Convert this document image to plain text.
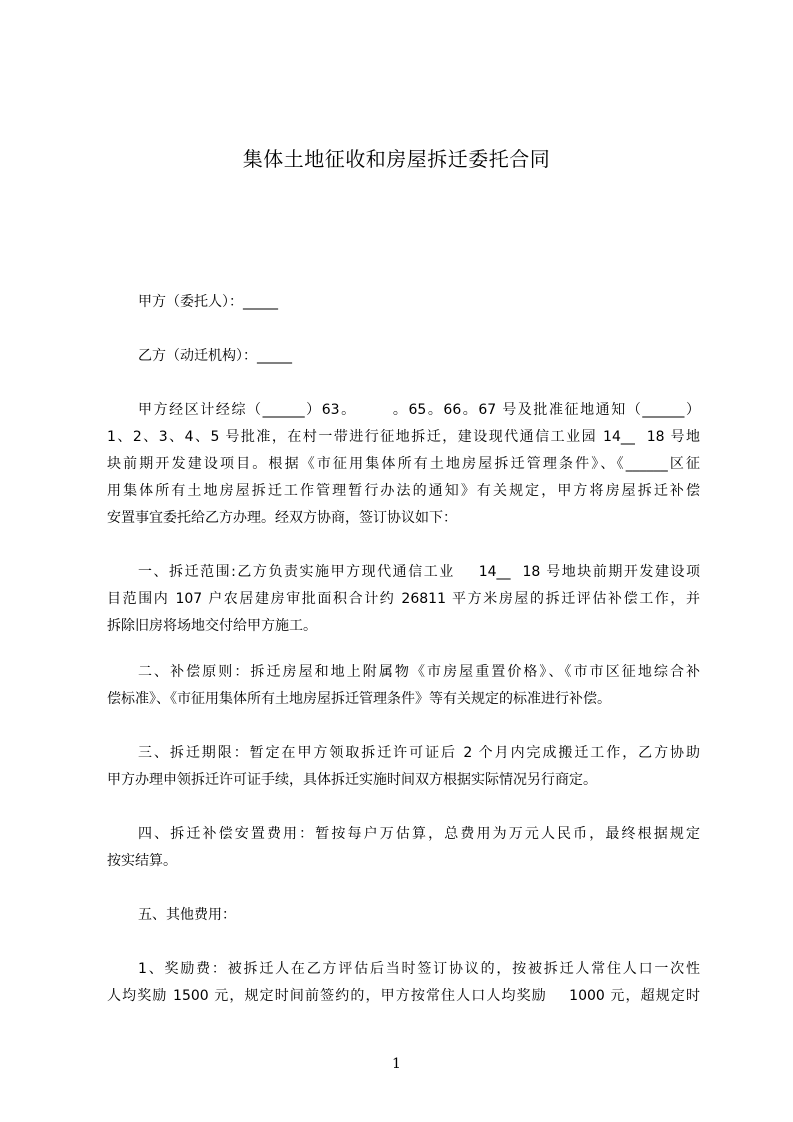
集体土地征收和房屋拆迁委托合同
甲方（委托人）：_____
乙方（动迁机构）：_____
甲方经区计经综（______）63。      。65。66。67 号及批准征地通知（______）
1、2、3、4、5 号批准，在村一带进行征地拆迁，建设现代通信工业园 14__  18 号地
块前期开发建设项目。根据《市征用集体所有土地房屋拆迁管理条件》、《______区征
用集体所有土地房屋拆迁工作管理暂行办法的通知》有关规定，甲方将房屋拆迁补偿
安置事宜委托给乙方办理。经双方协商，签订协议如下：
一、拆迁范围:乙方负责实施甲方现代通信工业    14__  18 号地块前期开发建设项
目范围内 107 户农居建房审批面积合计约 26811 平方米房屋的拆迁评估补偿工作，并
拆除旧房将场地交付给甲方施工。
二、补偿原则：拆迁房屋和地上附属物《市房屋重置价格》、《市市区征地综合补
偿标准》、《市征用集体所有土地房屋拆迁管理条件》等有关规定的标准进行补偿。
三、拆迁期限：暂定在甲方领取拆迁许可证后 2 个月内完成搬迁工作，乙方协助
甲方办理申领拆迁许可证手续，具体拆迁实施时间双方根据实际情况另行商定。
四、拆迁补偿安置费用：暂按每户万估算，总费用为万元人民币，最终根据规定
按实结算。
五、其他费用：
1、奖励费：被拆迁人在乙方评估后当时签订协议的，按被拆迁人常住人口一次性
人均奖励 1500 元，规定时间前签约的，甲方按常住人口人均奖励    1000 元，超规定时
1
